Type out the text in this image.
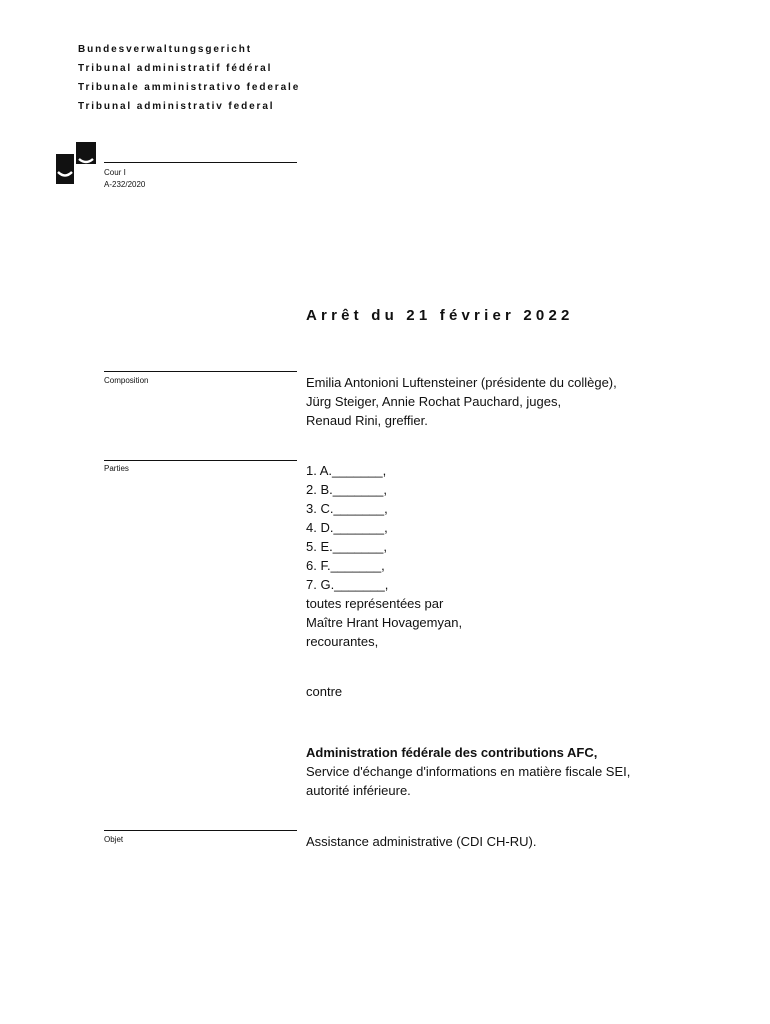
Bundesverwaltungsgericht
Tribunal administratif fédéral
Tribunale amministrativo federale
Tribunal administrativ federal
Cour I
A-232/2020
Arrêt du 21 février 2022
Composition	Emilia Antonioni Luftensteiner (présidente du collège),
Jürg Steiger, Annie Rochat Pauchard, juges,
Renaud Rini, greffier.
Parties	1. A._______,
2. B._______,
3. C._______,
4. D._______,
5. E._______,
6. F._______,
7. G._______,
toutes représentées par
Maître Hrant Hovagemyan,
recourantes,
contre
Administration fédérale des contributions AFC,
Service d'échange d'informations en matière fiscale SEI,
autorité inférieure.
Objet	Assistance administrative (CDI CH-RU).
